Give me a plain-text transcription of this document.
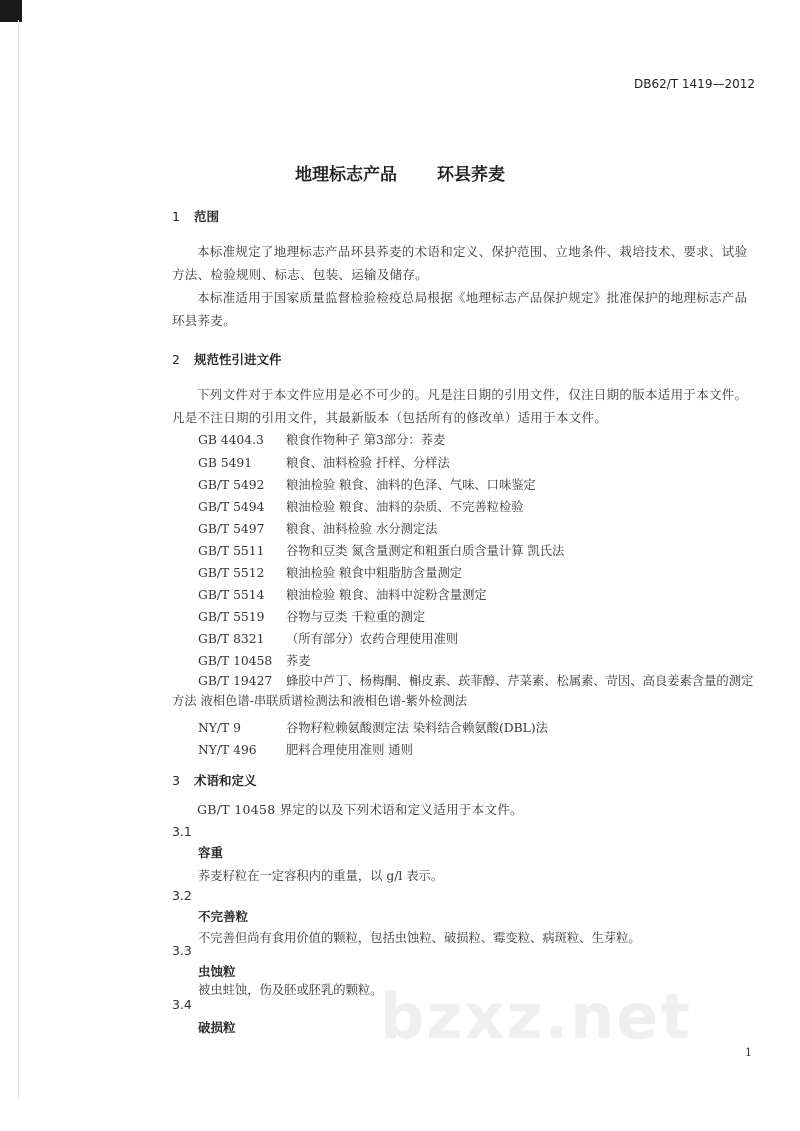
DB62/T 1419—2012
地理标志产品 环县荞麦
1 范围
本标准规定了地理标志产品环县荞麦的术语和定义、保护范围、立地条件、栽培技术、要求、试验方法、检验规则、标志、包装、运输及储存。
本标准适用于国家质量监督检验检疫总局根据《地理标志产品保护规定》批准保护的地理标志产品环县荞麦。
2 规范性引进文件
下列文件对于本文件应用是必不可少的。凡是注日期的引用文件，仅注日期的版本适用于本文件。凡是不注日期的引用文件，其最新版本（包括所有的修改单）适用于本文件。
GB 4404.3 粮食作物种子 第3部分：荞麦
GB 5491	粮食、油料检验 扦样、分样法
GB/T 5492 粮油检验 粮食、油料的色泽、气味、口味鉴定
GB/T 5494 粮油检验 粮食、油料的杂质、不完善粒检验
GB/T 5497 粮食、油料检验 水分测定法
GB/T 5511 谷物和豆类 氮含量测定和粗蛋白质含量计算 凯氏法
GB/T 5512 粮油检验 粮食中粗脂肪含量测定
GB/T 5514 粮油检验 粮食、油料中淀粉含量测定
GB/T 5519 谷物与豆类 千粒重的测定
GB/T 8321 （所有部分）农药合理使用准则
GB/T 10458 荞麦
GB/T 19427 蜂胶中芦丁、杨梅酮、槲皮素、莰菲醇、芹菜素、松属素、苛因、高良姜素含量的测定方法 液相色谱-串联质谱检测法和液相色谱-紫外检测法
NY/T 9	谷物籽粒赖氨酸测定法 染料结合赖氨酸(DBL)法
NY/T 496 肥料合理使用准则 通则
3 术语和定义
GB/T 10458 界定的以及下列术语和定义适用于本文件。
3.1
容重
荞麦籽粒在一定容积内的重量，以 g/l 表示。
3.2
不完善粒
不完善但尚有食用价值的颗粒，包括虫蚀粒、破损粒、霉变粒、病斑粒、生芽粒。
3.3
虫蚀粒
被虫蛀蚀，伤及胚或胚乳的颗粒。
3.4
破损粒 bzxz.net	1
